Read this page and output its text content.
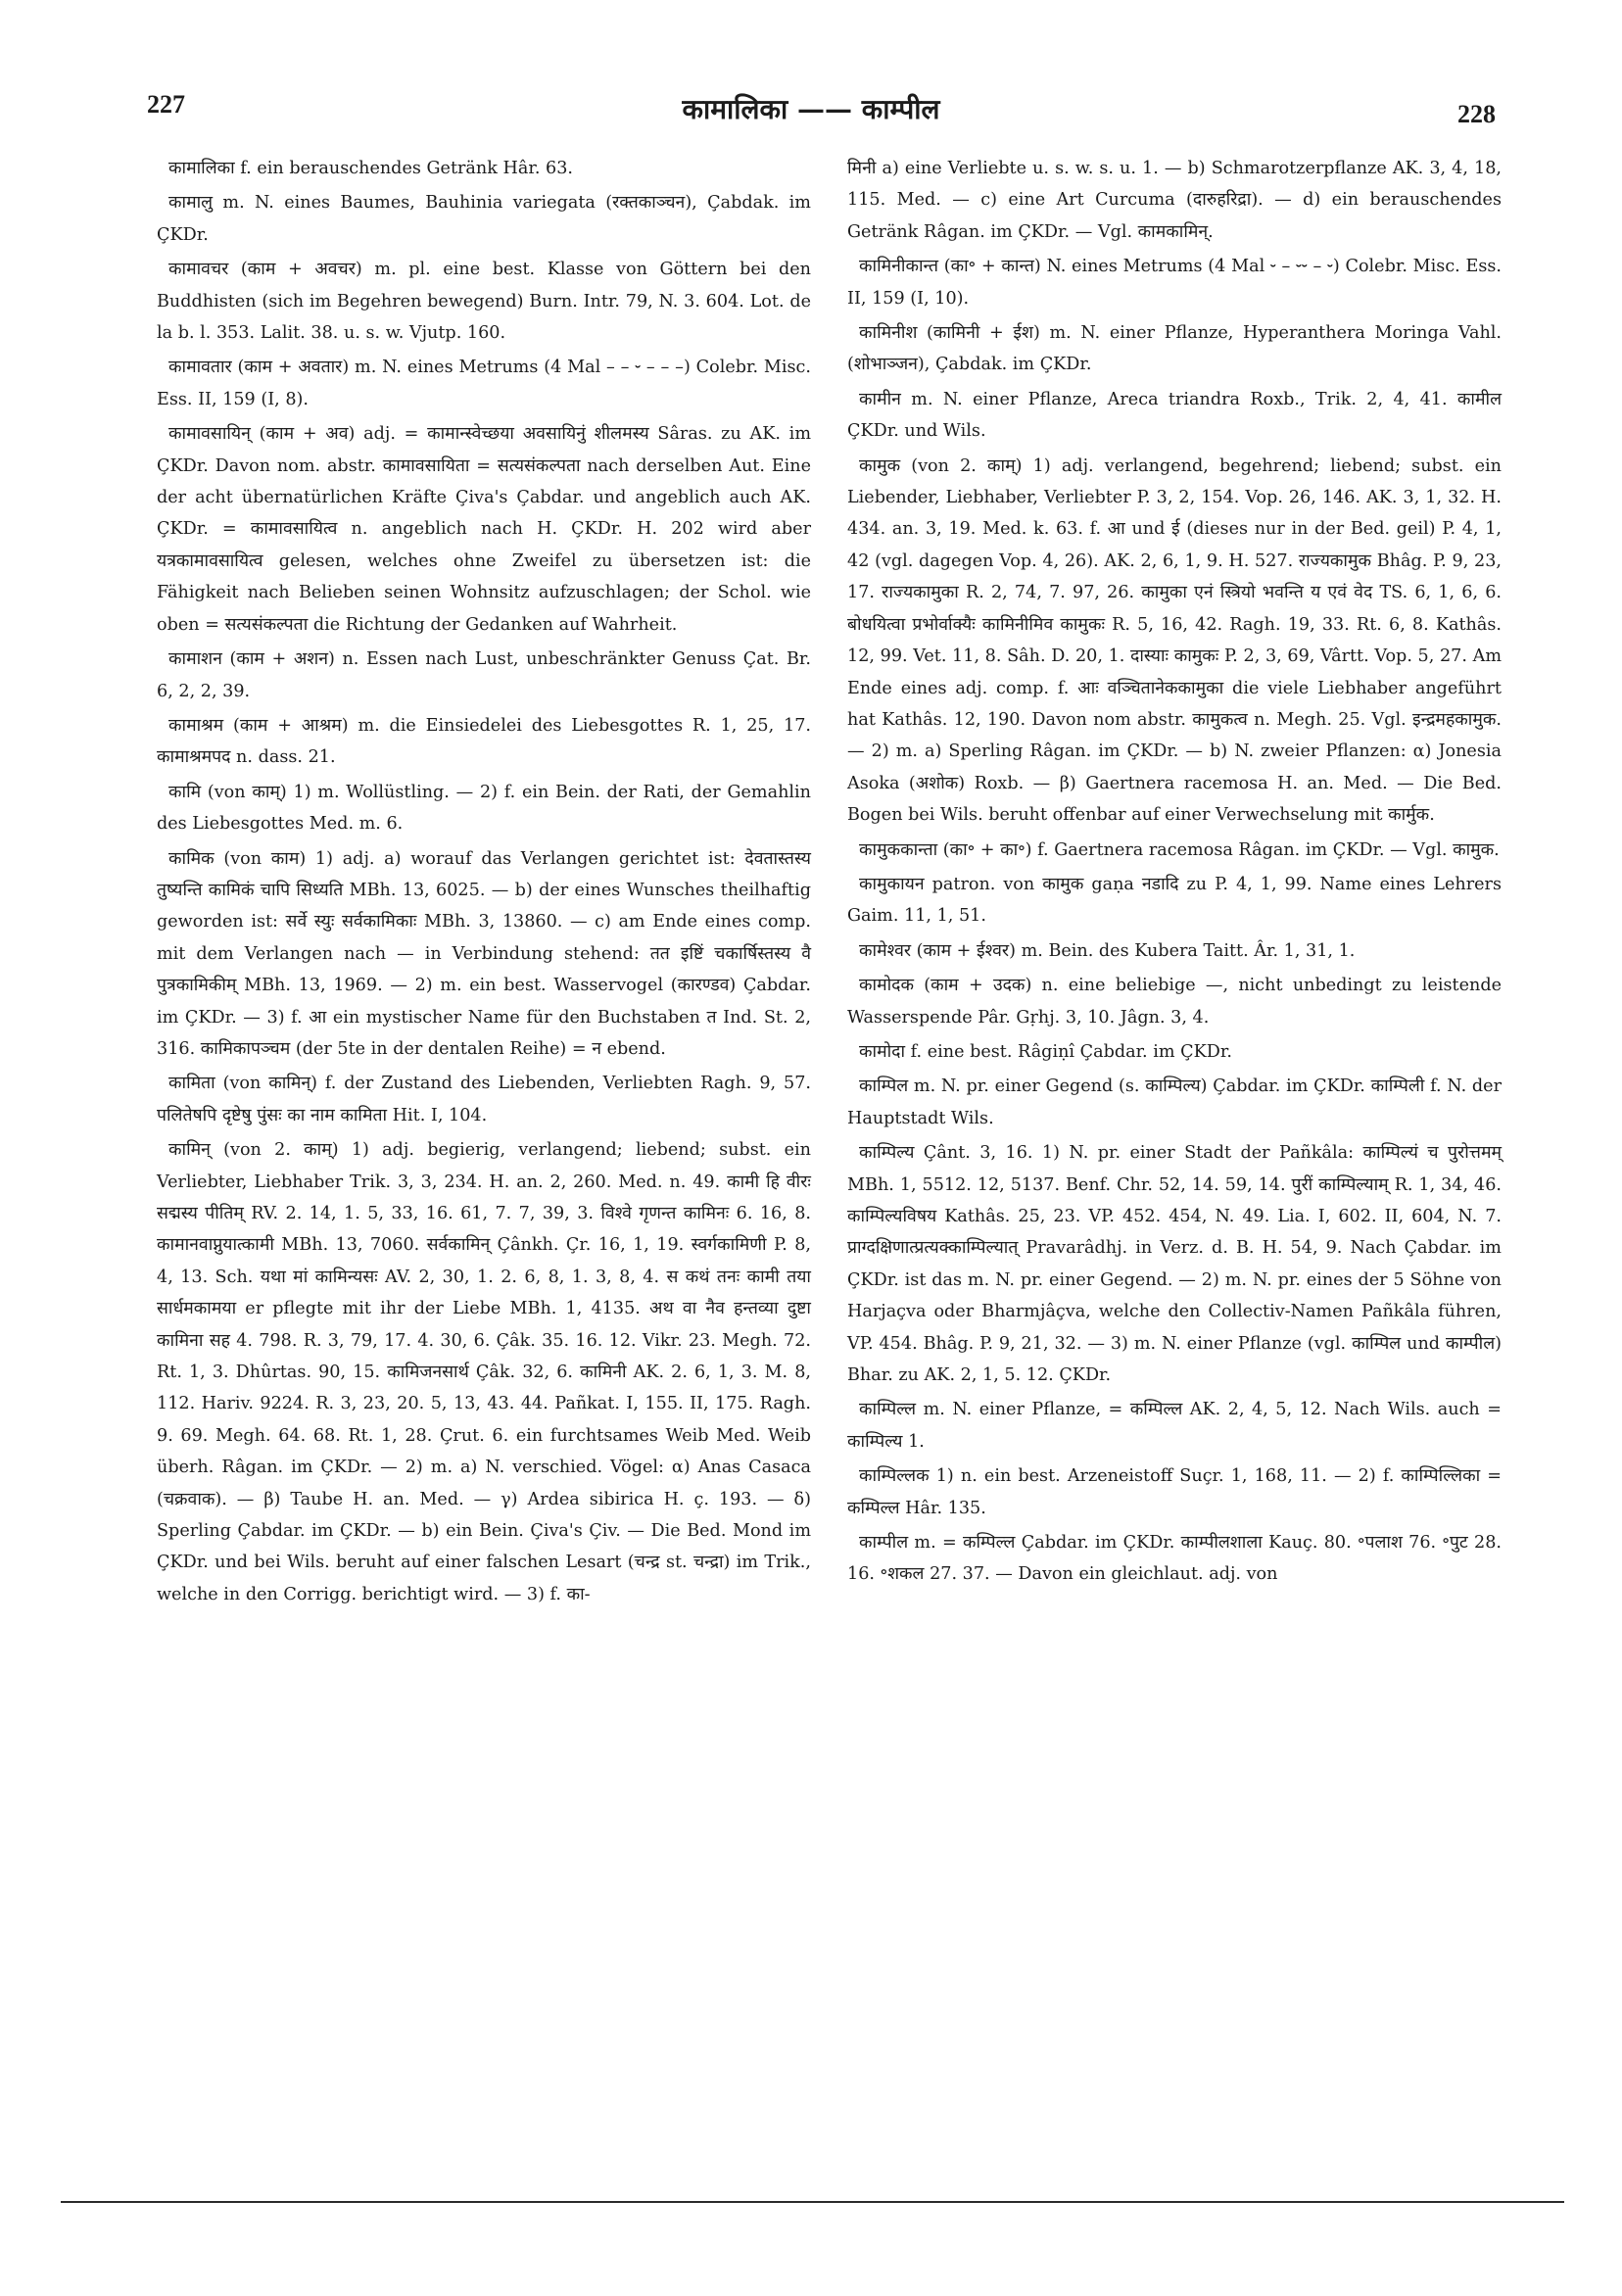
227	कामालिका —— काम्पील	228

कामालिका f. ein berauschendes Getränk Hâr. 63.

कामालु m. N. eines Baumes, Bauhinia variegata (रक्तकाञ्चन), Çabdak. im ÇKDr.

कामावचर (काम + अवचर) m. pl. eine best. Klasse von Göttern bei den Buddhisten (sich im Begehren bewegend) Burn. Intr. 79, N. 3. 604. Lot. de la b. l. 353. Lalit. 38. u. s. w. Vjutp. 160.

कामावतार (काम + अवतार) m. N. eines Metrums (4 Mal – – ⏑ – – –) Colebr. Misc. Ess. II, 159 (I, 8).

कामावसायिन् (काम + अव) adj. = कामान्स्वेच्छया अवसायिनुं शीलमस्य Sâras. zu AK. im ÇKDr. Davon nom. abstr. कामावसायिता = सत्यसंकल्पता nach derselben Aut. Eine der acht übernatürlichen Kräfte Çiva's Çabdar. und angeblich auch AK. ÇKDr. = कामावसायित्व n. angeblich nach H. ÇKDr. H. 202 wird aber यत्रकामावसायित्व gelesen, welches ohne Zweifel zu übersetzen ist: die Fähigkeit nach Belieben seinen Wohnsitz aufzuschlagen; der Schol. wie oben = सत्यसंकल्पता die Richtung der Gedanken auf Wahrheit.

कामाशन (काम + अशन) n. Essen nach Lust, unbeschränkter Genuss Çat. Br. 6, 2, 2, 39.

कामाश्रम (काम + आश्रम) m. die Einsiedelei des Liebesgottes R. 1, 25, 17. कामाश्रमपद n. dass. 21.

कामि (von काम्) 1) m. Wollüstling. — 2) f. ein Bein. der Rati, der Gemahlin des Liebesgottes Med. m. 6.

कामिक (von काम) 1) adj. a) worauf das Verlangen gerichtet ist: देवतास्तस्य तुष्यन्ति कामिकं चापि सिध्यति MBh. 13, 6025. — b) der eines Wunsches theilhaftig geworden ist: सर्वे स्युः सर्वकामिकाः MBh. 3, 13860. — c) am Ende eines comp. mit dem Verlangen nach — in Verbindung stehend: तत इष्टिं चकार्षिस्तस्य वै पुत्रकामिकीम् MBh. 13, 1969. — 2) m. ein best. Wasservogel (कारण्डव) Çabdar. im ÇKDr. — 3) f. आ ein mystischer Name für den Buchstaben त Ind. St. 2, 316. कामिकापञ्चम (der 5te in der dentalen Reihe) = न ebend.

कामिता (von कामिन्) f. der Zustand des Liebenden, Verliebten Ragh. 9, 57. पलितेषपि दृष्टेषु पुंसः का नाम कामिता Hit. I, 104.

कामिन् (von 2. काम्) 1) adj. begierig, verlangend; liebend; subst. ein Verliebter, Liebhaber Trik. 3, 3, 234. H. an. 2, 260. Med. n. 49. कामी हि वीरः सद्मस्य पीतिम् RV. 2. 14, 1. 5, 33, 16. 61, 7. 7, 39, 3. विश्वे गृणन्त कामिनः 6. 16, 8. कामानवाप्नुयात्कामी MBh. 13, 7060. सर्वकामिन् Çânkh. Çr. 16, 1, 19. स्वर्गकामिणी P. 8, 4, 13. Sch. यथा मां कामिन्यसः AV. 2, 30, 1. 2. 6, 8, 1. 3, 8, 4. स कथं तनः कामी तया सार्धमकामया er pflegte mit ihr der Liebe MBh. 1, 4135. अथ वा नैव हन्तव्या दुष्टा कामिना सह 4. 798. R. 3, 79, 17. 4. 30, 6. Çâk. 35. 16. 12. Vikr. 23. Megh. 72. Rt. 1, 3. Dhûrtas. 90, 15. कामिजनसार्थ Çâk. 32, 6. कामिनी AK. 2. 6, 1, 3. M. 8, 112. Hariv. 9224. R. 3, 23, 20. 5, 13, 43. 44. Pañkat. I, 155. II, 175. Ragh. 9. 69. Megh. 64. 68. Rt. 1, 28. Çrut. 6. ein furchtsames Weib Med. Weib überh. Râgan. im ÇKDr. — 2) m. a) N. verschied. Vögel: α) Anas Casaca (चक्रवाक). — β) Taube H. an. Med. — γ) Ardea sibirica H. ç. 193. — δ) Sperling Çabdar. im ÇKDr. — b) ein Bein. Çiva's Çiv. — Die Bed. Mond im ÇKDr. und bei Wils. beruht auf einer falschen Lesart (चन्द्र st. चन्द्रा) im Trik., welche in den Corrigg. berichtigt wird. — 3) f. का-

मिनी a) eine Verliebte u. s. w. s. u. 1. — b) Schmarotzerpflanze AK. 3, 4, 18, 115. Med. — c) eine Art Curcuma (दारुहरिद्रा). — d) ein berauschendes Getränk Râgan. im ÇKDr. — Vgl. कामकामिन्.

कामिनीकान्त (का॰ + कान्त) N. eines Metrums (4 Mal ⏑ – ⏑⏑ – ⏑) Colebr. Misc. Ess. II, 159 (I, 10).

कामिनीश (कामिनी + ईश) m. N. einer Pflanze, Hyperanthera Moringa Vahl. (शोभाञ्जन), Çabdak. im ÇKDr.

कामीन m. N. einer Pflanze, Areca triandra Roxb., Trik. 2, 4, 41. कामील ÇKDr. und Wils.

कामुक (von 2. काम्) 1) adj. verlangend, begehrend; liebend; subst. ein Liebender, Liebhaber, Verliebter P. 3, 2, 154. Vop. 26, 146. AK. 3, 1, 32. H. 434. an. 3, 19. Med. k. 63. f. आ und ई (dieses nur in der Bed. geil) P. 4, 1, 42 (vgl. dagegen Vop. 4, 26). AK. 2, 6, 1, 9. H. 527. राज्यकामुक Bhâg. P. 9, 23, 17. राज्यकामुका R. 2, 74, 7. 97, 26. कामुका एनं स्त्रियो भवन्ति य एवं वेद TS. 6, 1, 6, 6. बोधयित्वा प्रभोर्वाक्यैः कामिनीमिव कामुकः R. 5, 16, 42. Ragh. 19, 33. Rt. 6, 8. Kathâs. 12, 99. Vet. 11, 8. Sâh. D. 20, 1. दास्याः कामुकः P. 2, 3, 69, Vârtt. Vop. 5, 27. Am Ende eines adj. comp. f. आः वञ्चितानेककामुका die viele Liebhaber angeführt hat Kathâs. 12, 190. Davon nom abstr. कामुकत्व n. Megh. 25. Vgl. इन्द्रमहकामुक. — 2) m. a) Sperling Râgan. im ÇKDr. — b) N. zweier Pflanzen: α) Jonesia Asoka (अशोक) Roxb. — β) Gaertnera racemosa H. an. Med. — Die Bed. Bogen bei Wils. beruht offenbar auf einer Verwechselung mit कार्मुक.

कामुककान्ता (का॰ + का॰) f. Gaertnera racemosa Râgan. im ÇKDr. — Vgl. कामुक.

कामुकायन patron. von कामुक gaṇa नडादि zu P. 4, 1, 99. Name eines Lehrers Gaim. 11, 1, 51.

कामेश्वर (काम + ईश्वर) m. Bein. des Kubera Taitt. Âr. 1, 31, 1.

कामोदक (काम + उदक) n. eine beliebige —, nicht unbedingt zu leistende Wasserspende Pâr. Gṛhj. 3, 10. Jâgn. 3, 4.

कामोदा f. eine best. Râgiṇî Çabdar. im ÇKDr.

काम्पिल m. N. pr. einer Gegend (s. काम्पिल्य) Çabdar. im ÇKDr. काम्पिली f. N. der Hauptstadt Wils.

काम्पिल्य Çânt. 3, 16. 1) N. pr. einer Stadt der Pañkâla: काम्पिल्यं च पुरोत्तमम् MBh. 1, 5512. 12, 5137. Benf. Chr. 52, 14. 59, 14. पुरीं काम्पिल्याम् R. 1, 34, 46. काम्पिल्यविषय Kathâs. 25, 23. VP. 452. 454, N. 49. Lia. I, 602. II, 604, N. 7. प्राग्दक्षिणात्प्रत्यक्काम्पिल्यात् Pravarâdhj. in Verz. d. B. H. 54, 9. Nach Çabdar. im ÇKDr. ist das m. N. pr. einer Gegend. — 2) m. N. pr. eines der 5 Söhne von Harjaçva oder Bharmjâçva, welche den Collectiv-Namen Pañkâla führen, VP. 454. Bhâg. P. 9, 21, 32. — 3) m. N. einer Pflanze (vgl. काम्पिल und काम्पील) Bhar. zu AK. 2, 1, 5. 12. ÇKDr.

काम्पिल्ल m. N. einer Pflanze, = कम्पिल्ल AK. 2, 4, 5, 12. Nach Wils. auch = काम्पिल्य 1.

काम्पिल्लक 1) n. ein best. Arzeneistoff Suçr. 1, 168, 11. — 2) f. काम्पिल्लिका = कम्पिल्ल Hâr. 135.

काम्पील m. = कम्पिल्ल Çabdar. im ÇKDr. काम्पीलशाला Kauç. 80. ॰पलाश 76. ॰पुट 28. 16. ॰शकल 27. 37. — Davon ein gleichlaut. adj. von
